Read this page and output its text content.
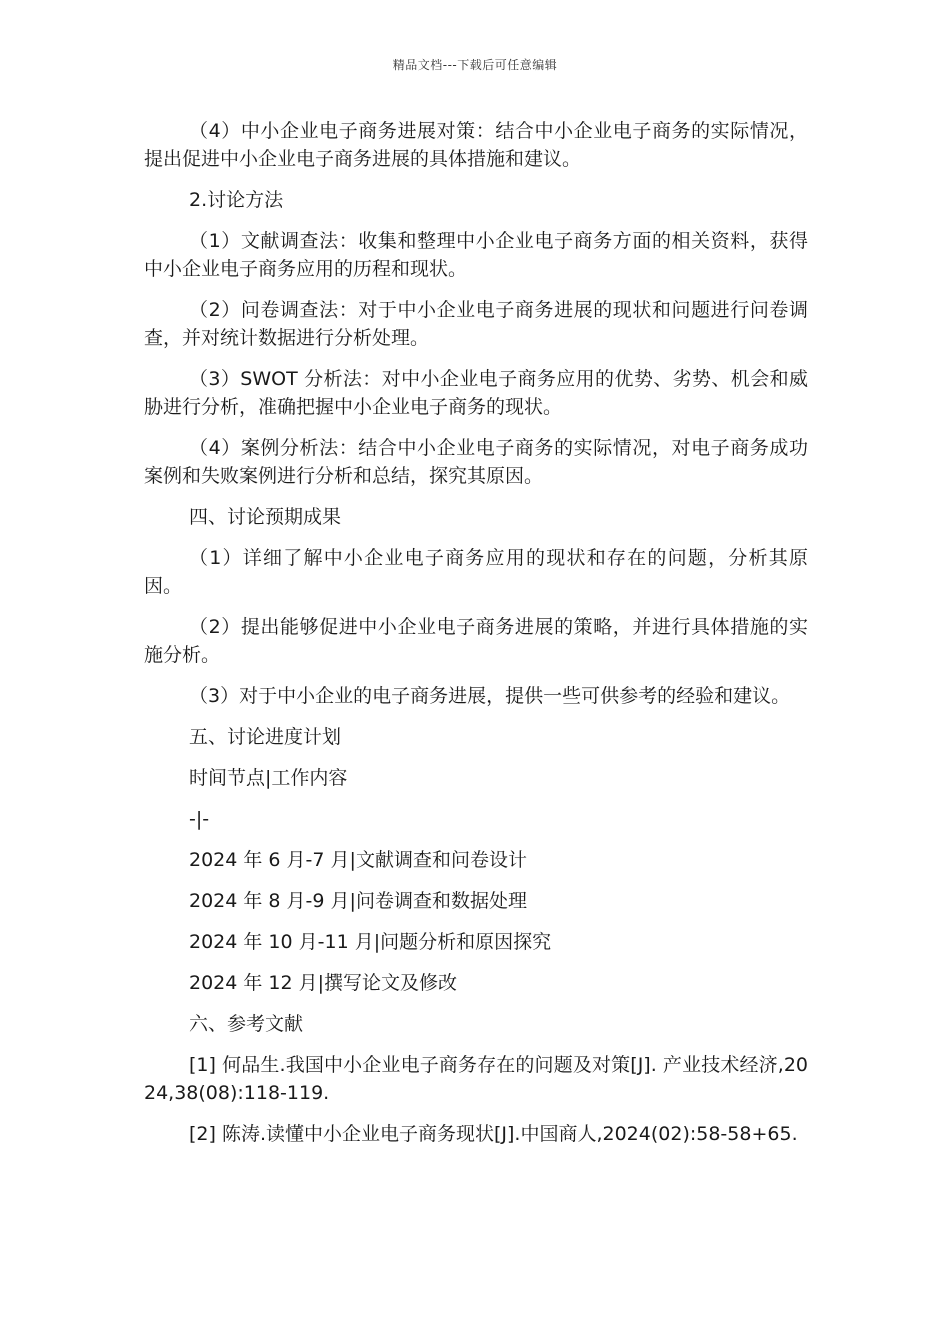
精品文档---下载后可任意编辑

（4）中小企业电子商务进展对策：结合中小企业电子商务的实际情况，提出促进中小企业电子商务进展的具体措施和建议。

2.讨论方法

（1）文献调查法：收集和整理中小企业电子商务方面的相关资料，获得中小企业电子商务应用的历程和现状。

（2）问卷调查法：对于中小企业电子商务进展的现状和问题进行问卷调查，并对统计数据进行分析处理。

（3）SWOT 分析法：对中小企业电子商务应用的优势、劣势、机会和威胁进行分析，准确把握中小企业电子商务的现状。

（4）案例分析法：结合中小企业电子商务的实际情况，对电子商务成功案例和失败案例进行分析和总结，探究其原因。

四、讨论预期成果

（1）详细了解中小企业电子商务应用的现状和存在的问题，分析其原因。

（2）提出能够促进中小企业电子商务进展的策略，并进行具体措施的实施分析。

（3）对于中小企业的电子商务进展，提供一些可供参考的经验和建议。

五、讨论进度计划

时间节点|工作内容

-|-

2024 年 6 月-7 月|文献调查和问卷设计

2024 年 8 月-9 月|问卷调查和数据处理

2024 年 10 月-11 月|问题分析和原因探究

2024 年 12 月|撰写论文及修改

六、参考文献

[1] 何品生.我国中小企业电子商务存在的问题及对策[J]. 产业技术经济,2024,38(08):118-119.

[2] 陈涛.读懂中小企业电子商务现状[J].中国商人,2024(02):58-58+65.
